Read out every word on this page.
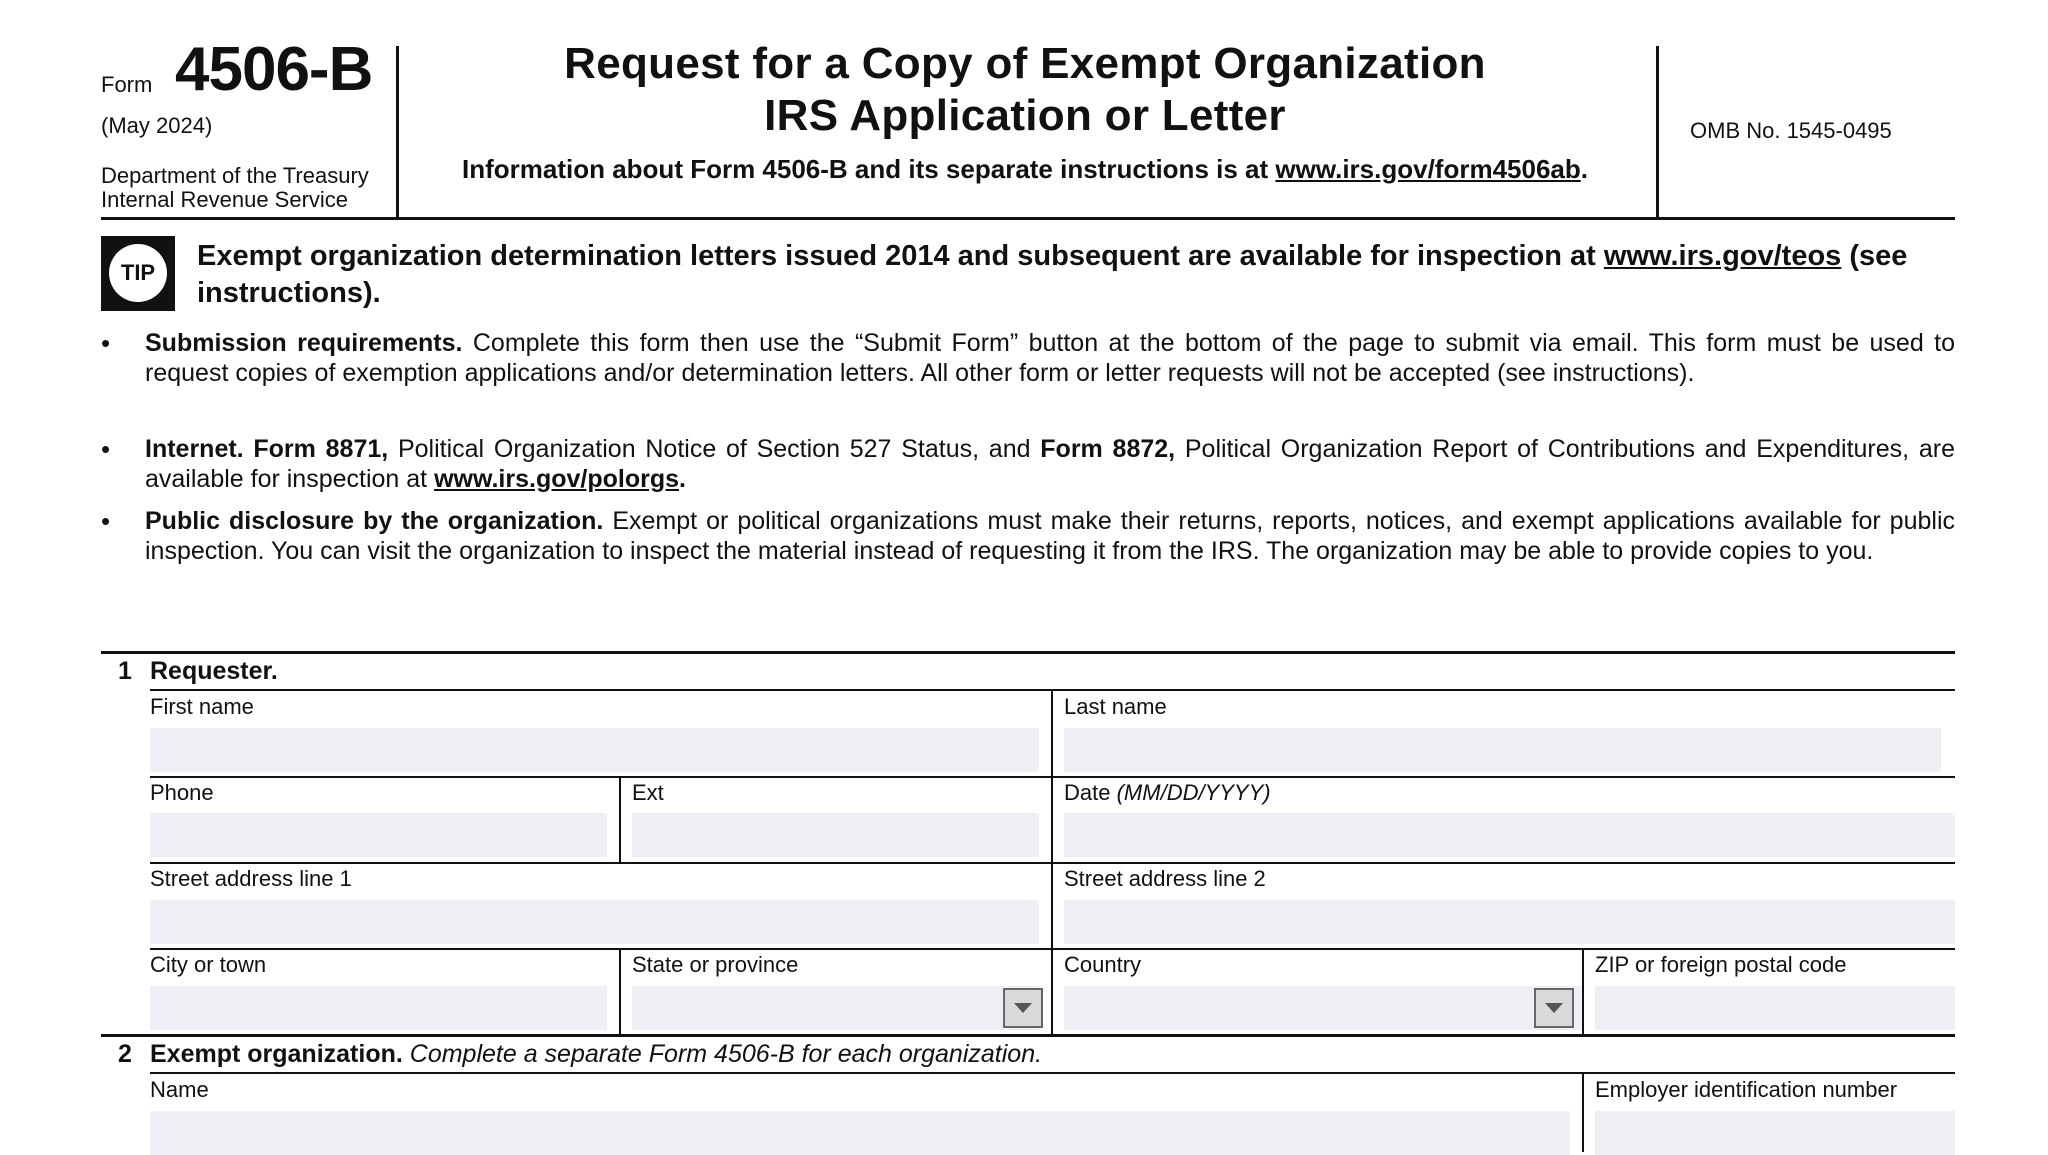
Form 4506-B
(May 2024)
Department of the Treasury
Internal Revenue Service
Request for a Copy of Exempt Organization
IRS Application or Letter
Information about Form 4506-B and its separate instructions is at www.irs.gov/form4506ab.
OMB No. 1545-0495
TIP
Exempt organization determination letters issued 2014 and subsequent are available for inspection at www.irs.gov/teos (see instructions).
• Submission requirements. Complete this form then use the “Submit Form” button at the bottom of the page to submit via email. This form must be used to request copies of exemption applications and/or determination letters. All other form or letter requests will not be accepted (see instructions).
• Internet. Form 8871, Political Organization Notice of Section 527 Status, and Form 8872, Political Organization Report of Contributions and Expenditures, are available for inspection at www.irs.gov/polorgs.
• Public disclosure by the organization. Exempt or political organizations must make their returns, reports, notices, and exempt applications available for public inspection. You can visit the organization to inspect the material instead of requesting it from the IRS. The organization may be able to provide copies to you.
1 Requester.
First name	Last name
Phone	Ext	Date (MM/DD/YYYY)
Street address line 1	Street address line 2
City or town	State or province	Country	ZIP or foreign postal code
2 Exempt organization. Complete a separate Form 4506-B for each organization.
Name	Employer identification number
